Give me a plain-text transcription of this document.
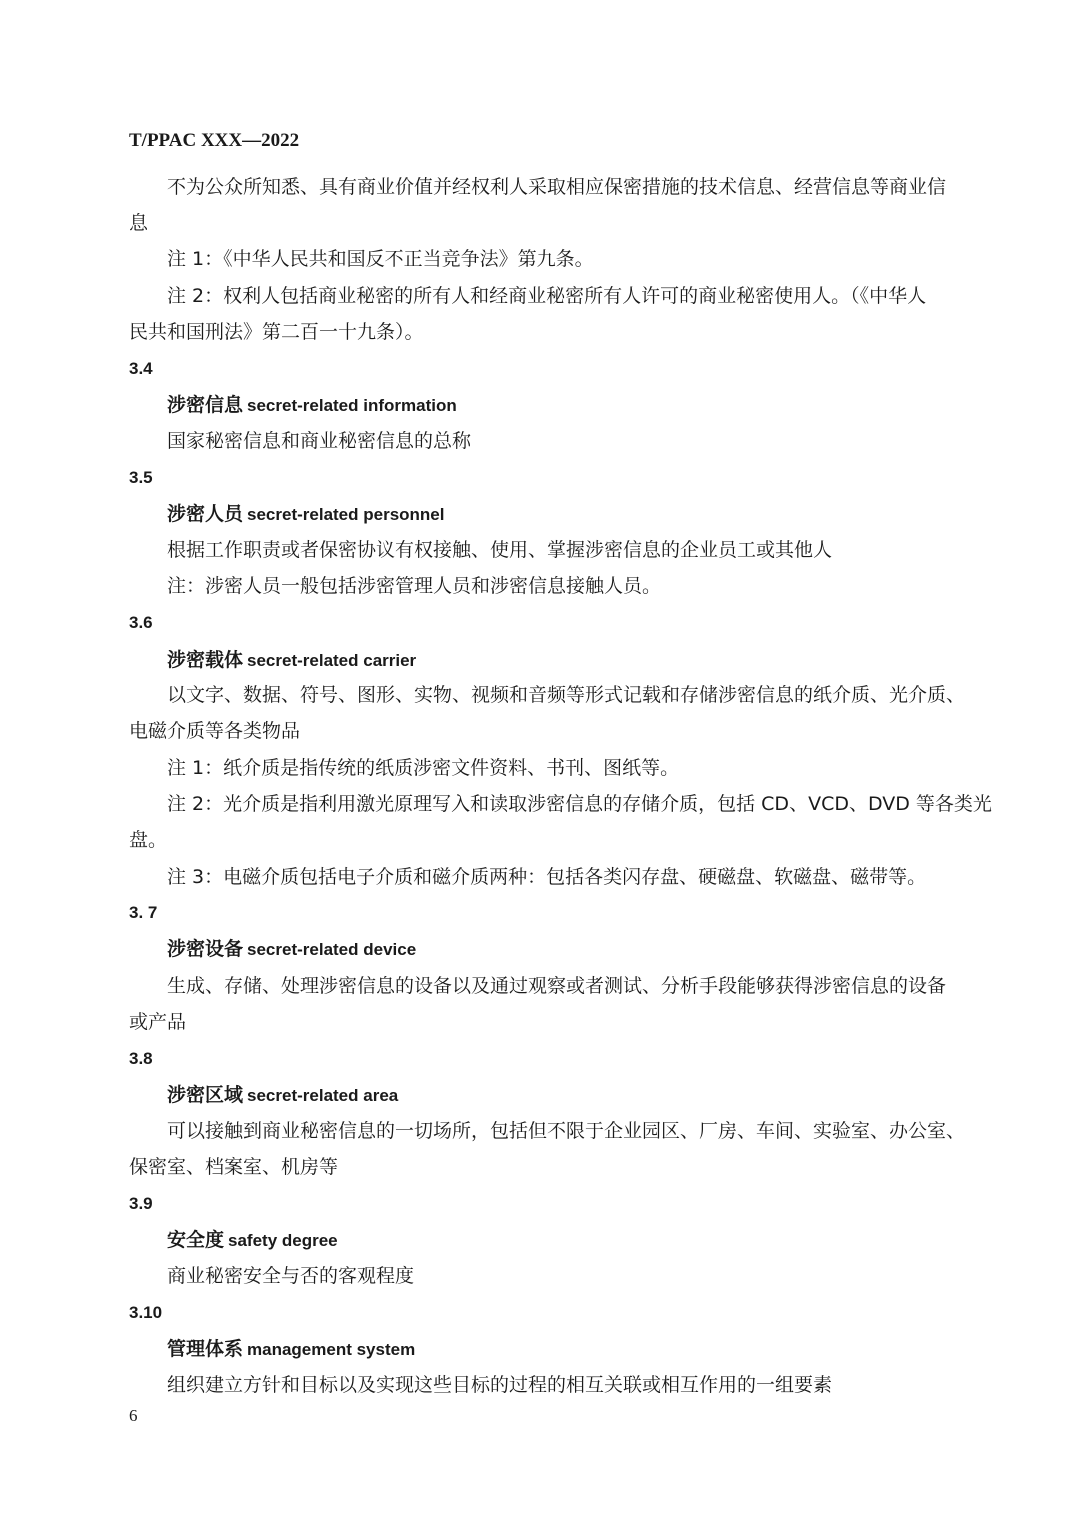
T/PPAC XXX—2022
不为公众所知悉、具有商业价值并经权利人采取相应保密措施的技术信息、经营信息等商业信
息
注 1：《中华人民共和国反不正当竞争法》第九条。
注 2：权利人包括商业秘密的所有人和经商业秘密所有人许可的商业秘密使用人。（《中华人
民共和国刑法》第二百一十九条）。
3.4
涉密信息 secret-related information
国家秘密信息和商业秘密信息的总称
3.5
涉密人员 secret-related personnel
根据工作职责或者保密协议有权接触、使用、掌握涉密信息的企业员工或其他人
注：涉密人员一般包括涉密管理人员和涉密信息接触人员。
3.6
涉密载体 secret-related carrier
以文字、数据、符号、图形、实物、视频和音频等形式记载和存储涉密信息的纸介质、光介质、
电磁介质等各类物品
注 1：纸介质是指传统的纸质涉密文件资料、书刊、图纸等。
注 2：光介质是指利用激光原理写入和读取涉密信息的存储介质，包括 CD、VCD、DVD 等各类光
盘。
注 3：电磁介质包括电子介质和磁介质两种：包括各类闪存盘、硬磁盘、软磁盘、磁带等。
3. 7
涉密设备 secret-related device
生成、存储、处理涉密信息的设备以及通过观察或者测试、分析手段能够获得涉密信息的设备
或产品
3.8
涉密区域 secret-related area
可以接触到商业秘密信息的一切场所，包括但不限于企业园区、厂房、车间、实验室、办公室、
保密室、档案室、机房等
3.9
安全度 safety degree
商业秘密安全与否的客观程度
3.10
管理体系 management system
组织建立方针和目标以及实现这些目标的过程的相互关联或相互作用的一组要素
6
